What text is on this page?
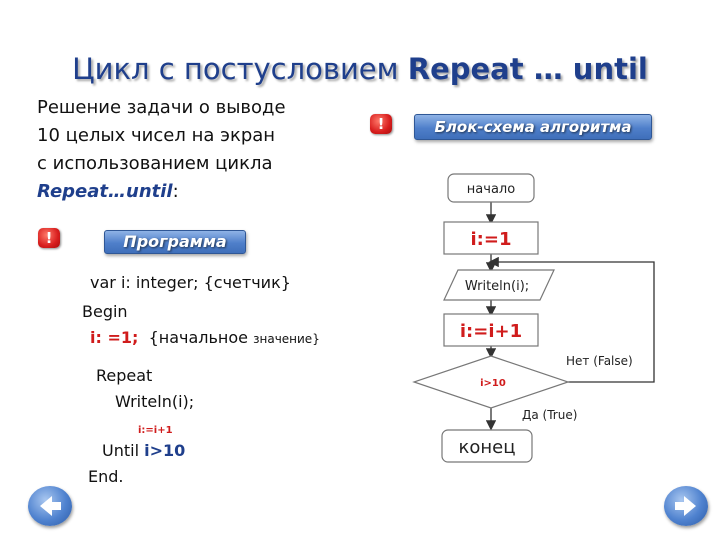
Цикл с постусловием Repeat … until
Решение задачи о выводе
10 целых чисел на экран
с использованием цикла
Repeat…until:
!	Программа
!	Блок-схема алгоритма
var i: integer; {счетчик}
Begin
i: =1; {начальное значение}
Repeat
Writeln(i);
i:=i+1
Until i>10
End.
начало
i:=1
Writeln(i);
i:=i+1
i>10
Нет (False)
Да (True)
конец
